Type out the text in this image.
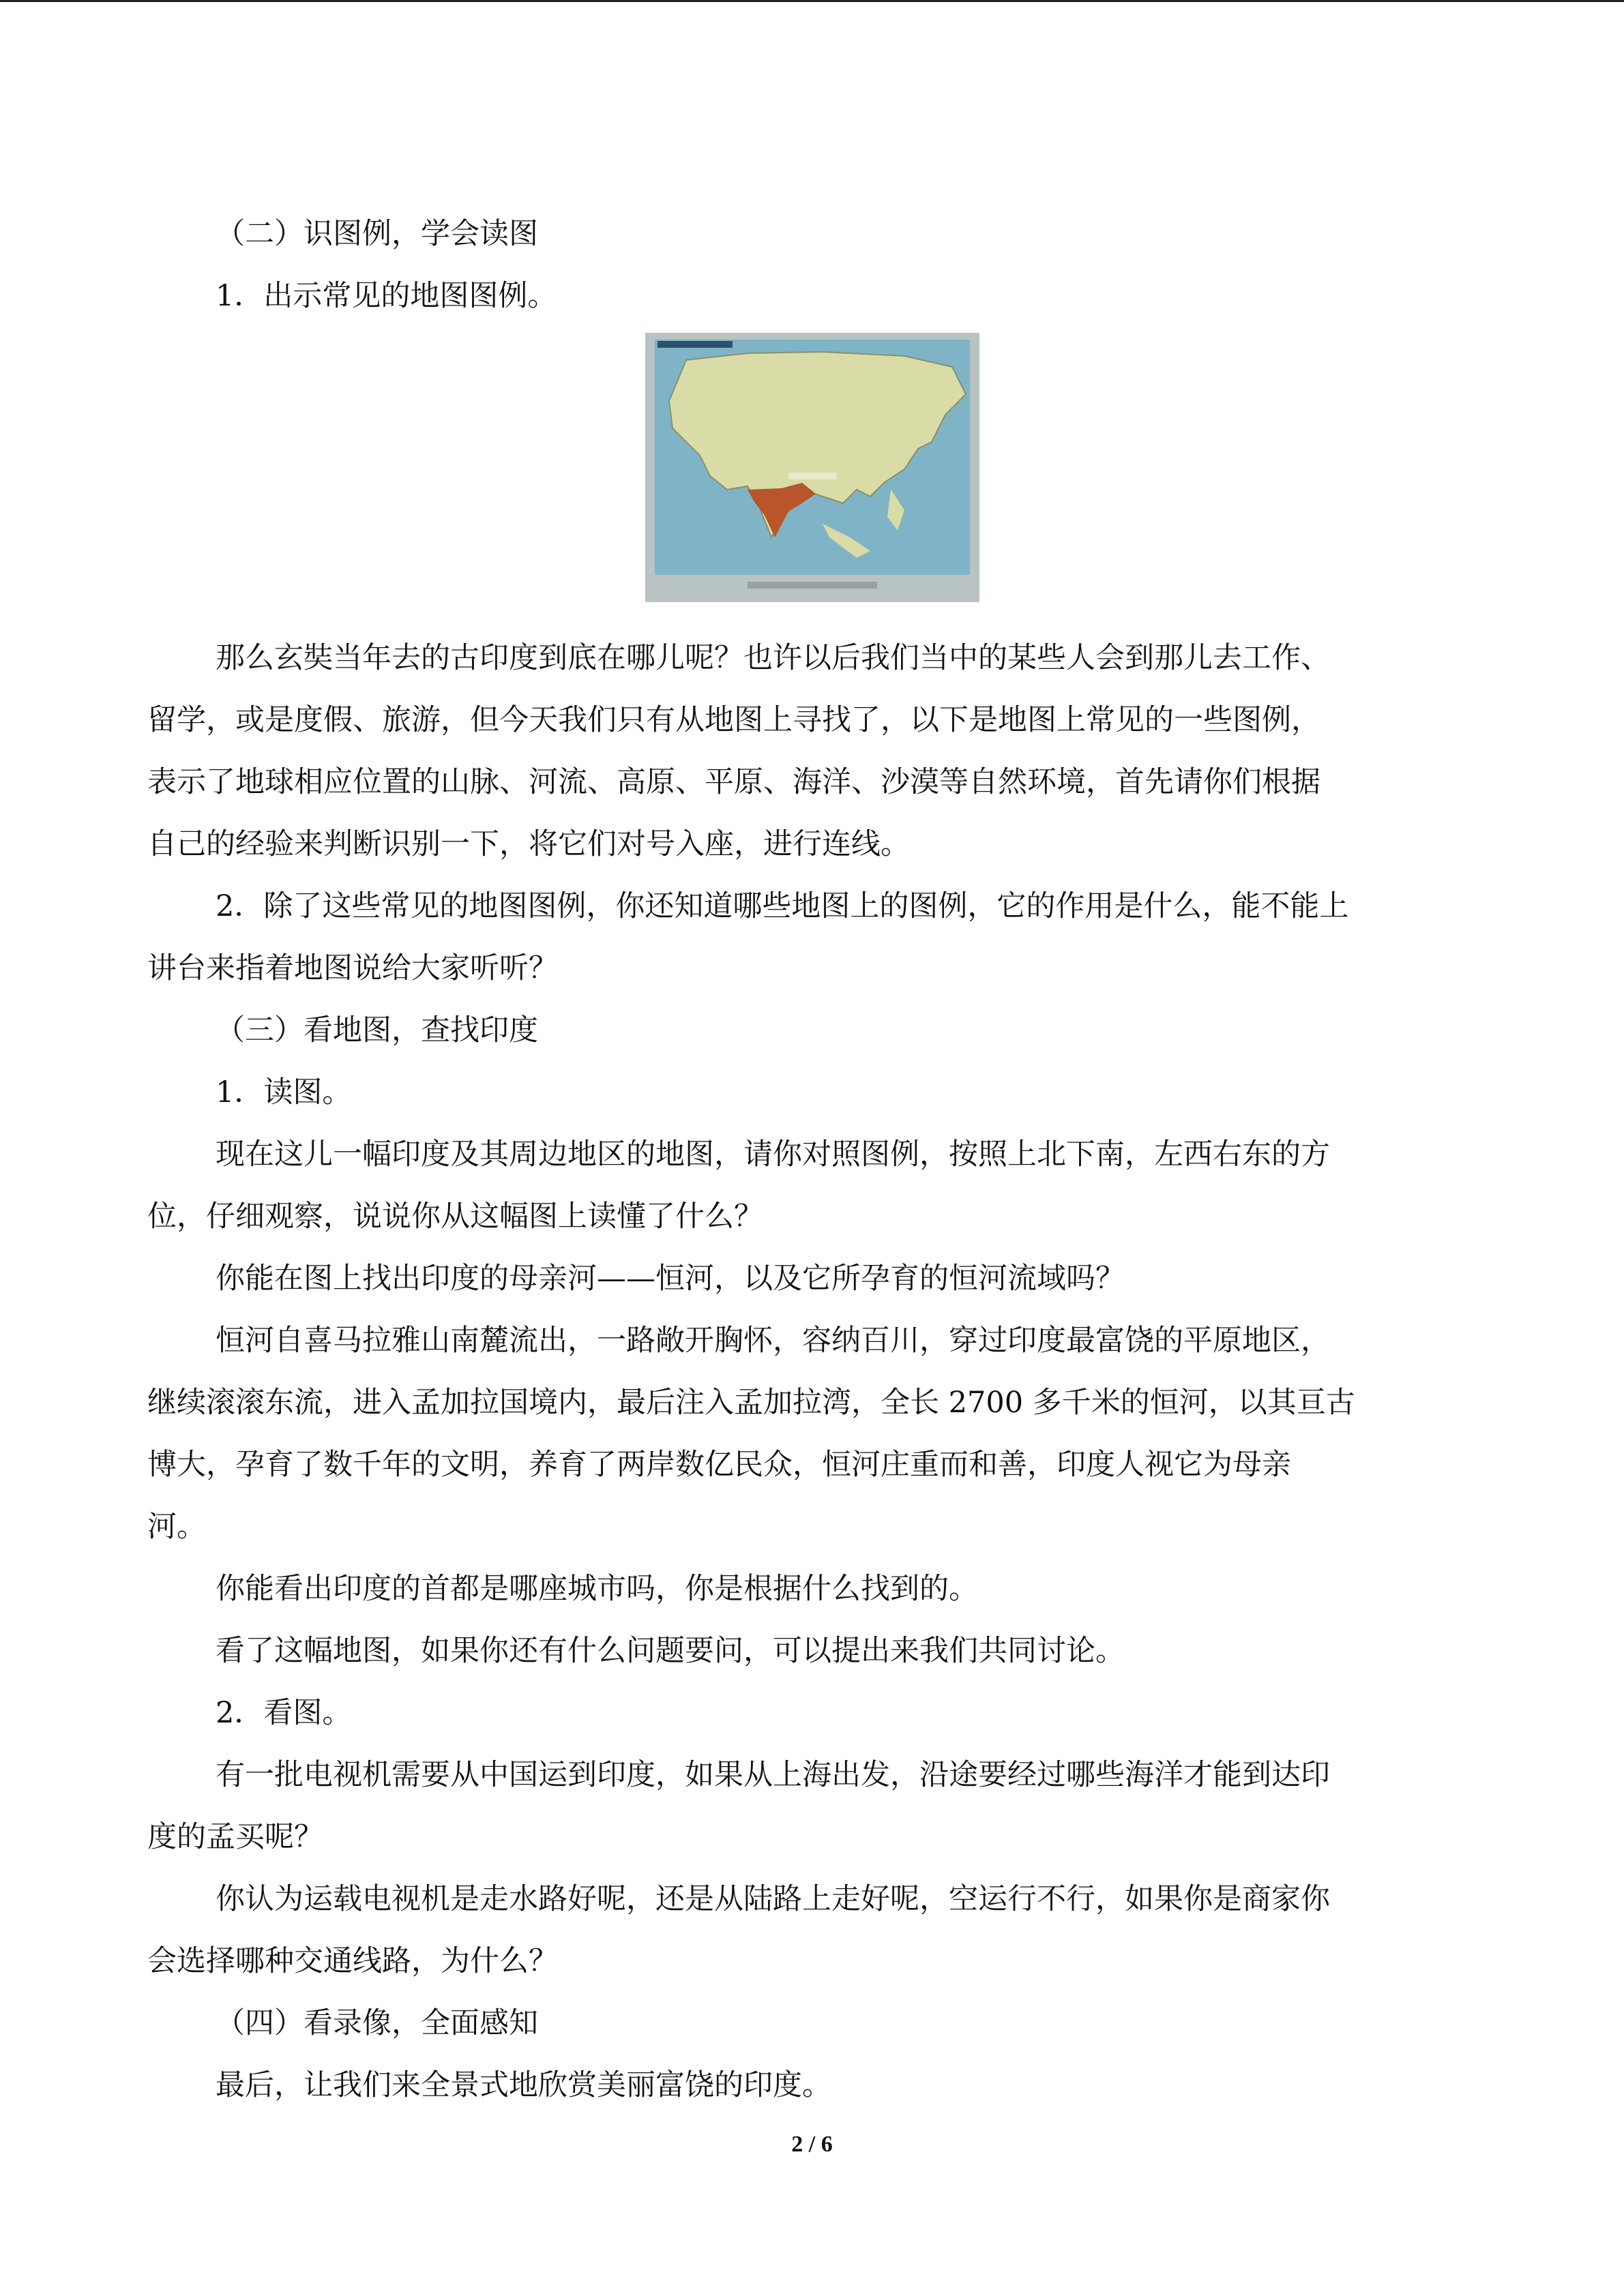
（二）识图例，学会读图
1．出示常见的地图图例。
那么玄奘当年去的古印度到底在哪儿呢？也许以后我们当中的某些人会到那儿去工作、
留学，或是度假、旅游，但今天我们只有从地图上寻找了，以下是地图上常见的一些图例，
表示了地球相应位置的山脉、河流、高原、平原、海洋、沙漠等自然环境，首先请你们根据
自己的经验来判断识别一下，将它们对号入座，进行连线。
2．除了这些常见的地图图例，你还知道哪些地图上的图例，它的作用是什么，能不能上
讲台来指着地图说给大家听听？
（三）看地图，查找印度
1．读图。
现在这儿一幅印度及其周边地区的地图，请你对照图例，按照上北下南，左西右东的方
位，仔细观察，说说你从这幅图上读懂了什么？
你能在图上找出印度的母亲河——恒河，以及它所孕育的恒河流域吗？
恒河自喜马拉雅山南麓流出，一路敞开胸怀，容纳百川，穿过印度最富饶的平原地区，
继续滚滚东流，进入孟加拉国境内，最后注入孟加拉湾，全长 2700 多千米的恒河，以其亘古
博大，孕育了数千年的文明，养育了两岸数亿民众，恒河庄重而和善，印度人视它为母亲
河。
你能看出印度的首都是哪座城市吗，你是根据什么找到的。
看了这幅地图，如果你还有什么问题要问，可以提出来我们共同讨论。
2．看图。
有一批电视机需要从中国运到印度，如果从上海出发，沿途要经过哪些海洋才能到达印
度的孟买呢？
你认为运载电视机是走水路好呢，还是从陆路上走好呢，空运行不行，如果你是商家你
会选择哪种交通线路，为什么？
（四）看录像，全面感知
最后，让我们来全景式地欣赏美丽富饶的印度。
2 / 6
